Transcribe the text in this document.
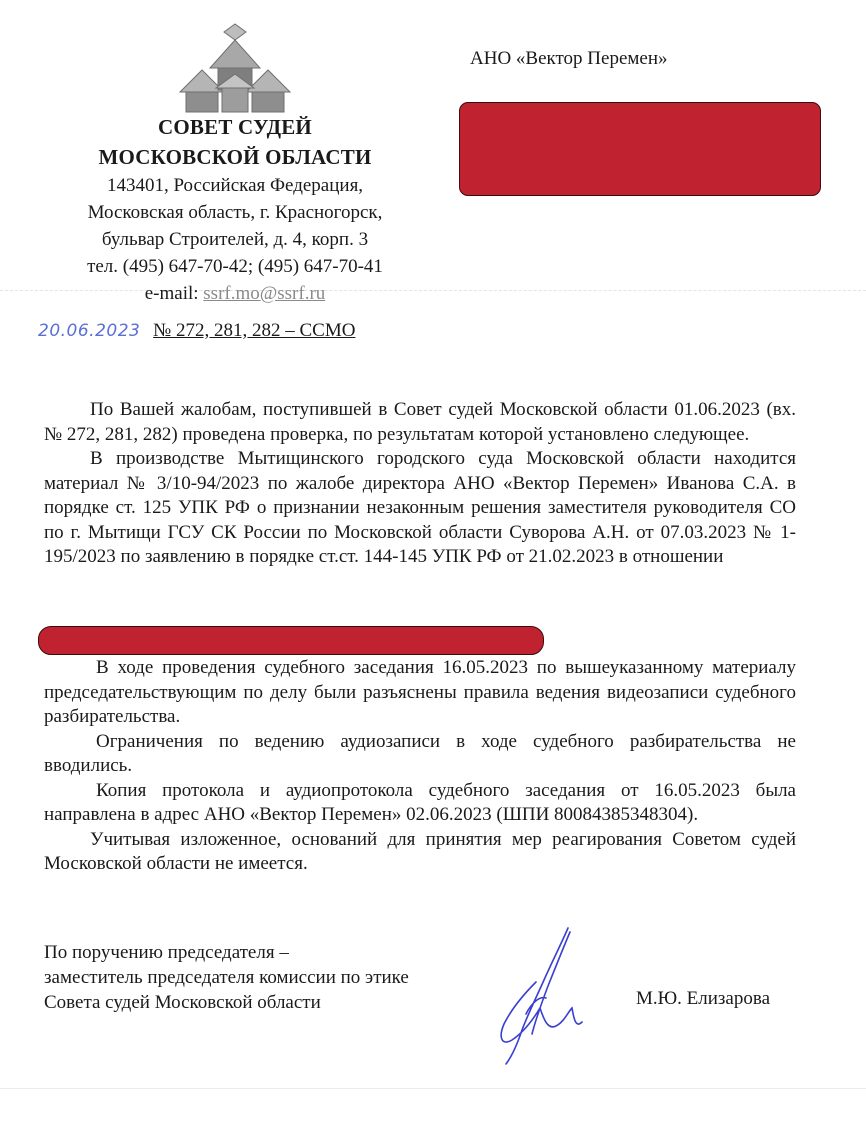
СОВЕТ СУДЕЙ
МОСКОВСКОЙ ОБЛАСТИ
143401, Российская Федерация,
Московская область, г. Красногорск,
бульвар Строителей, д. 4, корп. 3
тел. (495) 647-70-42; (495) 647-70-41
e-mail: ssrf.mo@ssrf.ru
20.06.2023 № 272, 281, 282 – ССМО
АНО «Вектор Перемен»

По Вашей жалобам, поступившей в Совет судей Московской области 01.06.2023 (вх. № 272, 281, 282) проведена проверка, по результатам которой установлено следующее.

В производстве Мытищинского городского суда Московской области находится материал № 3/10-94/2023 по жалобе директора АНО «Вектор Перемен» Иванова С.А. в порядке ст. 125 УПК РФ о признании незаконным решения заместителя руководителя СО по г. Мытищи ГСУ СК России по Московской области Суворова А.Н. от 07.03.2023 № 1-195/2023 по заявлению в порядке ст.ст. 144-145 УПК РФ от 21.02.2023 в отношении

В ходе проведения судебного заседания 16.05.2023 по вышеуказанному материалу председательствующим по делу были разъяснены правила ведения видеозаписи судебного разбирательства.

Ограничения по ведению аудиозаписи в ходе судебного разбирательства не вводились.

Копия протокола и аудиопротокола судебного заседания от 16.05.2023 была направлена в адрес АНО «Вектор Перемен» 02.06.2023 (ШПИ 80084385348304).

Учитывая изложенное, оснований для принятия мер реагирования Советом судей Московской области не имеется.

По поручению председателя –
заместитель председателя комиссии по этике
Совета судей Московской области	М.Ю. Елизарова
